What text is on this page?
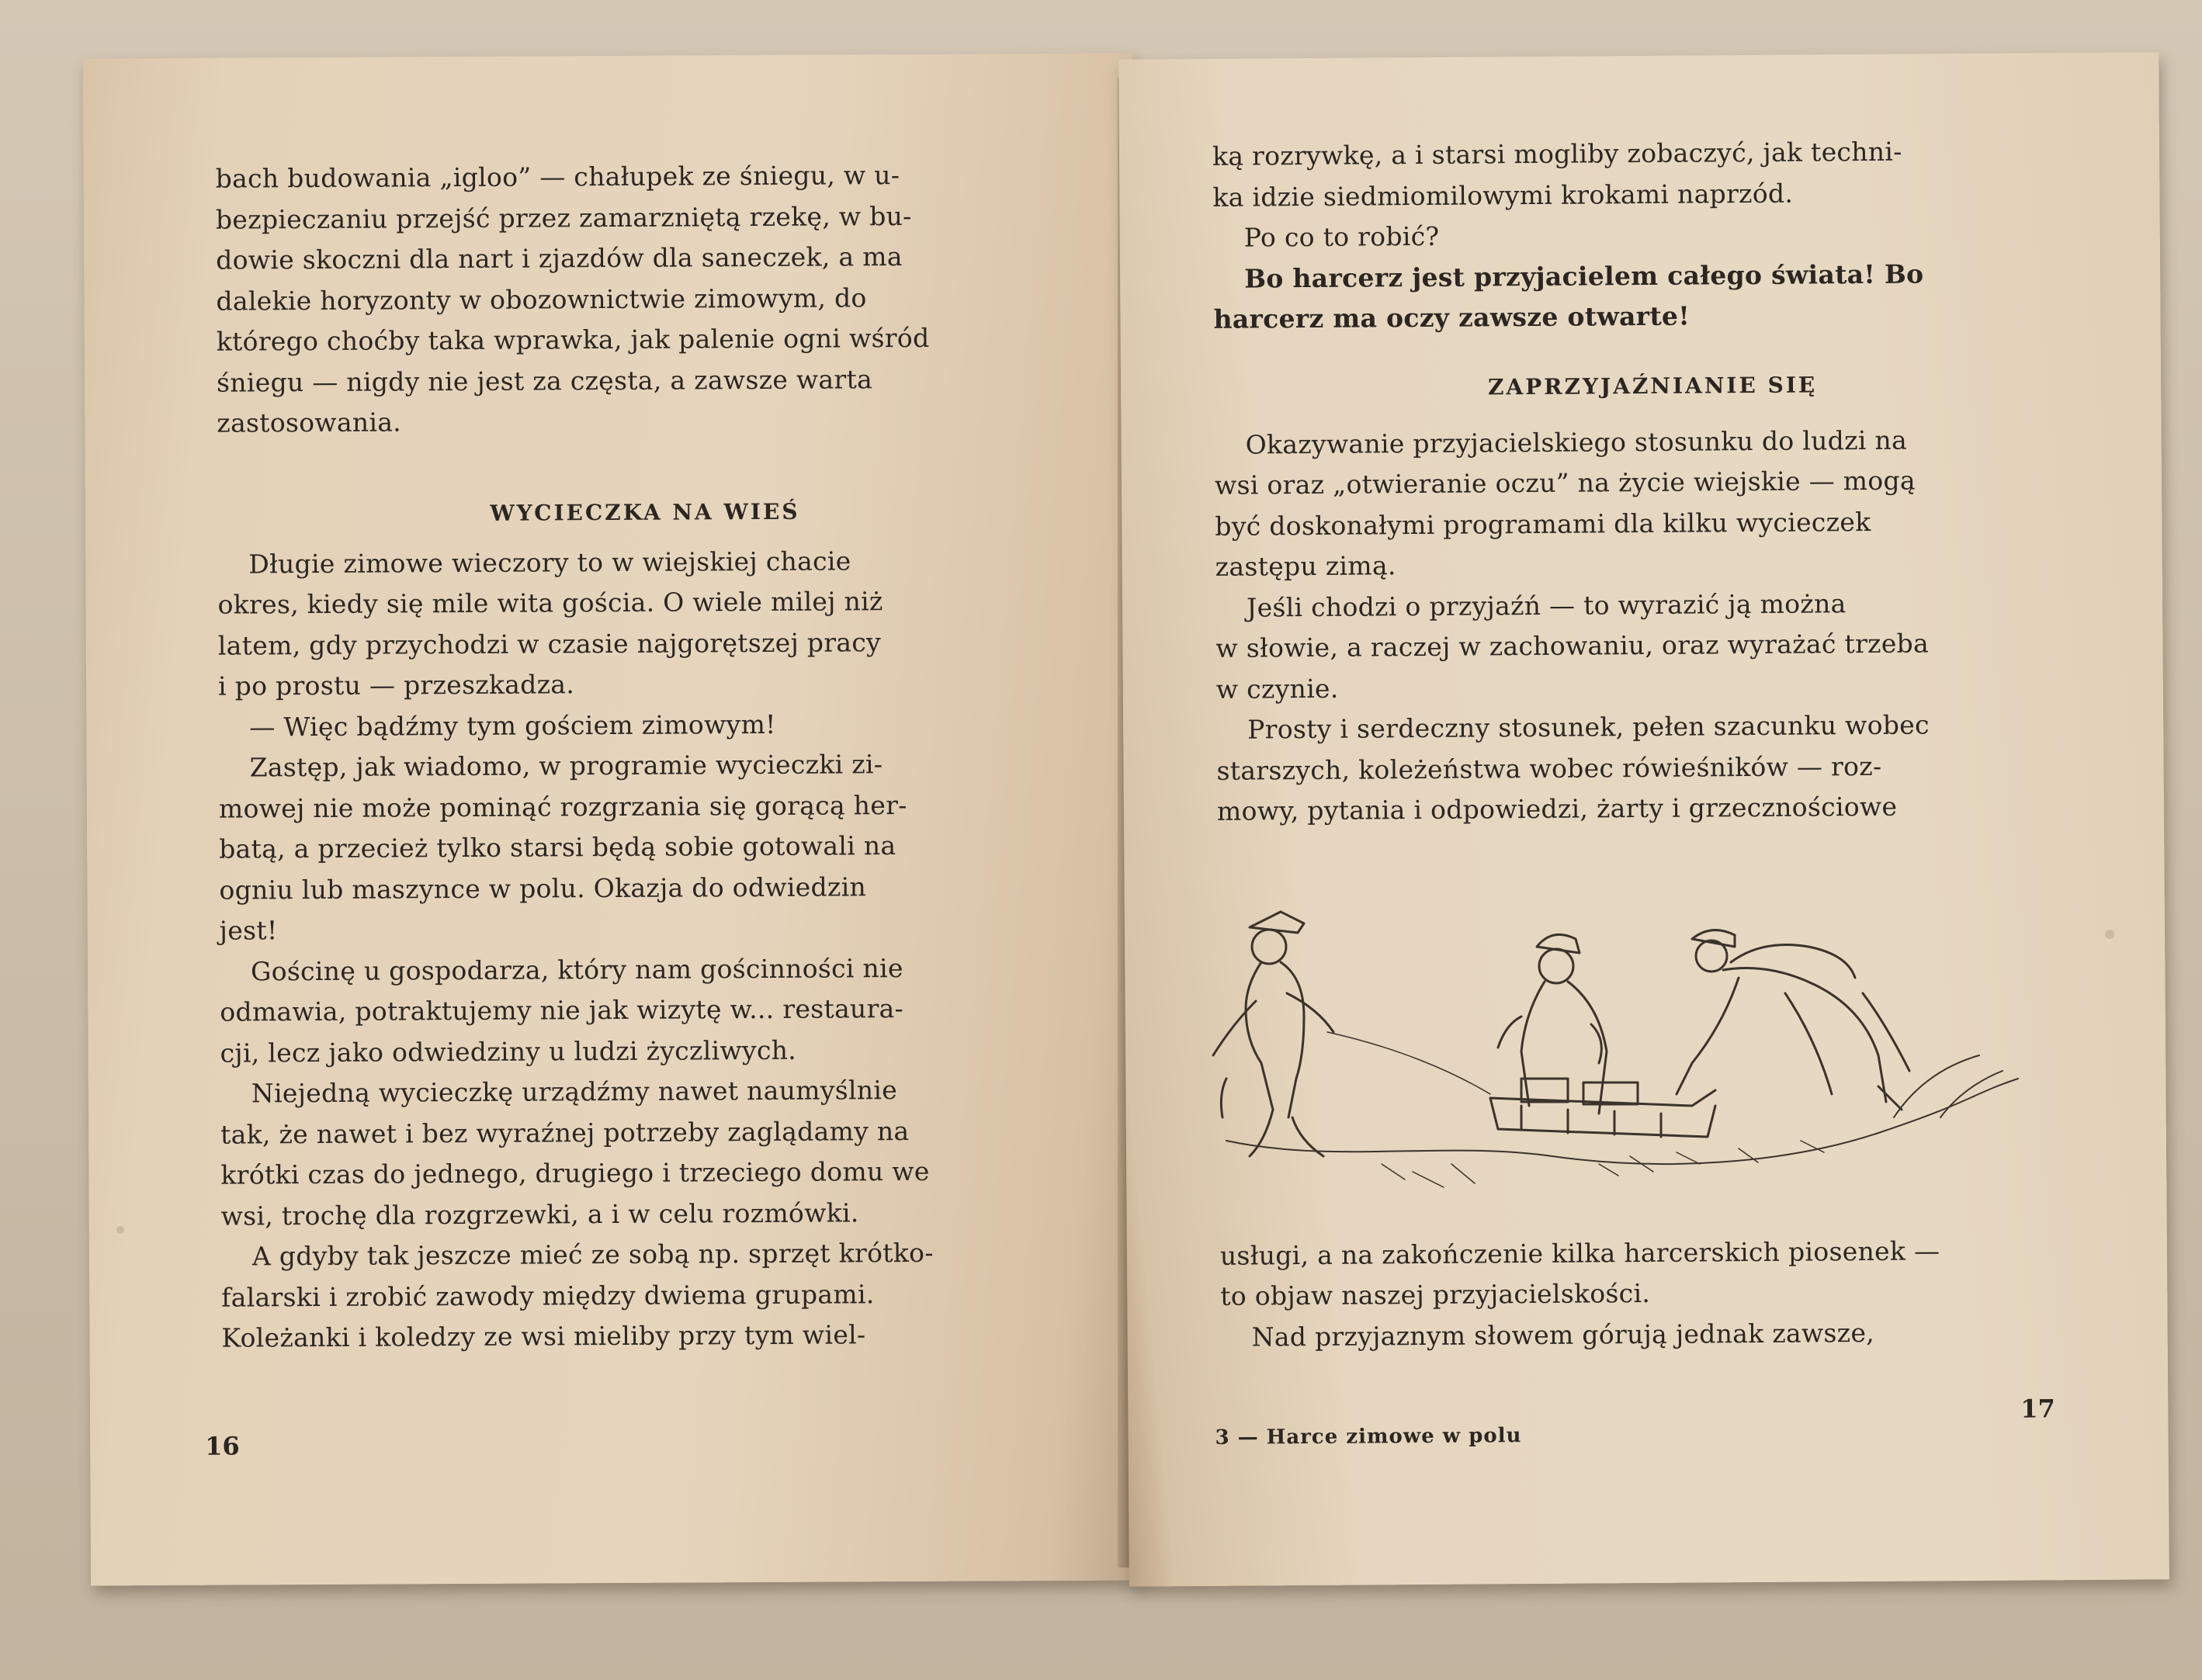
bach budowania „igloo” — chałupek ze śniegu, w u-

bezpieczaniu przejść przez zamarzniętą rzekę, w bu-

dowie skoczni dla nart i zjazdów dla saneczek, a ma

dalekie horyzonty w obozownictwie zimowym, do

którego choćby taka wprawka, jak palenie ogni wśród

śniegu — nigdy nie jest za częsta, a zawsze warta

zastosowania.

WYCIECZKA NA WIEŚ

Długie zimowe wieczory to w wiejskiej chacie

okres, kiedy się mile wita gościa. O wiele milej niż

latem, gdy przychodzi w czasie najgorętszej pracy

i po prostu — przeszkadza.

— Więc bądźmy tym gościem zimowym!

Zastęp, jak wiadomo, w programie wycieczki zi-

mowej nie może pominąć rozgrzania się gorącą her-

batą, a przecież tylko starsi będą sobie gotowali na

ogniu lub maszynce w polu. Okazja do odwiedzin

jest!

Gościnę u gospodarza, który nam gościnności nie

odmawia, potraktujemy nie jak wizytę w... restaura-

cji, lecz jako odwiedziny u ludzi życzliwych.

Niejedną wycieczkę urządźmy nawet naumyślnie

tak, że nawet i bez wyraźnej potrzeby zaglądamy na

krótki czas do jednego, drugiego i trzeciego domu we

wsi, trochę dla rozgrzewki, a i w celu rozmówki.

A gdyby tak jeszcze mieć ze sobą np. sprzęt krótko-

falarski i zrobić zawody między dwiema grupami.

Koleżanki i koledzy ze wsi mieliby przy tym wiel-

16

ką rozrywkę, a i starsi mogliby zobaczyć, jak techni-

ka idzie siedmiomilowymi krokami naprzód.

Po co to robić?

Bo harcerz jest przyjacielem całego świata! Bo

harcerz ma oczy zawsze otwarte!

ZAPRZYJAŹNIANIE SIĘ

Okazywanie przyjacielskiego stosunku do ludzi na

wsi oraz „otwieranie oczu” na życie wiejskie — mogą

być doskonałymi programami dla kilku wycieczek

zastępu zimą.

Jeśli chodzi o przyjaźń — to wyrazić ją można

w słowie, a raczej w zachowaniu, oraz wyrażać trzeba

w czynie.

Prosty i serdeczny stosunek, pełen szacunku wobec

starszych, koleżeństwa wobec rówieśników — roz-

mowy, pytania i odpowiedzi, żarty i grzecznościowe

usługi, a na zakończenie kilka harcerskich piosenek —

to objaw naszej przyjacielskości.

Nad przyjaznym słowem górują jednak zawsze,

3 — Harce zimowe w polu
17
